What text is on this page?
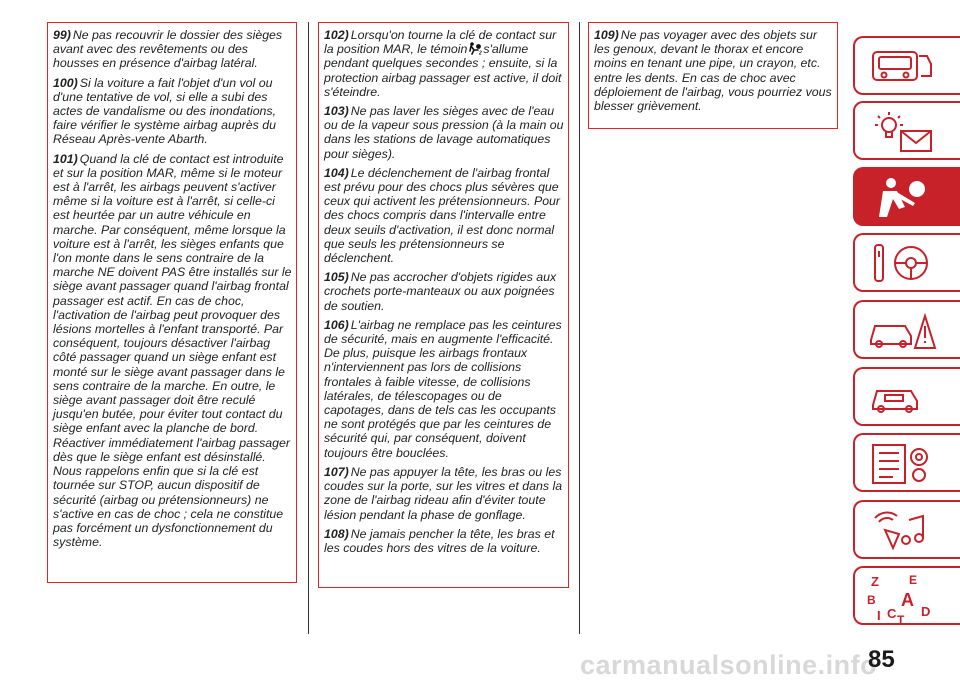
99) Ne pas recouvrir le dossier des sièges avant avec des revêtements ou des housses en présence d'airbag latéral.

100) Si la voiture a fait l'objet d'un vol ou d'une tentative de vol, si elle a subi des actes de vandalisme ou des inondations, faire vérifier le système airbag auprès du Réseau Après-vente Abarth.

101) Quand la clé de contact est introduite et sur la position MAR, même si le moteur est à l'arrêt, les airbags peuvent s'activer même si la voiture est à l'arrêt, si celle-ci est heurtée par un autre véhicule en marche. Par conséquent, même lorsque la voiture est à l'arrêt, les sièges enfants que l'on monte dans le sens contraire de la marche NE doivent PAS être installés sur le siège avant passager quand l'airbag frontal passager est actif. En cas de choc, l'activation de l'airbag peut provoquer des lésions mortelles à l'enfant transporté. Par conséquent, toujours désactiver l'airbag côté passager quand un siège enfant est monté sur le siège avant passager dans le sens contraire de la marche. En outre, le siège avant passager doit être reculé jusqu'en butée, pour éviter tout contact du siège enfant avec la planche de bord. Réactiver immédiatement l'airbag passager dès que le siège enfant est désinstallé. Nous rappelons enfin que si la clé est tournée sur STOP, aucun dispositif de sécurité (airbag ou prétensionneurs) ne s'active en cas de choc ; cela ne constitue pas forcément un dysfonctionnement du système.

102) Lorsqu'on tourne la clé de contact sur la position MAR, le témoin 2 s'allume pendant quelques secondes ; ensuite, si la protection airbag passager est active, il doit s'éteindre.

103) Ne pas laver les sièges avec de l'eau ou de la vapeur sous pression (à la main ou dans les stations de lavage automatiques pour sièges).

104) Le déclenchement de l'airbag frontal est prévu pour des chocs plus sévères que ceux qui activent les prétensionneurs. Pour des chocs compris dans l'intervalle entre deux seuils d'activation, il est donc normal que seuls les prétensionneurs se déclenchent.

105) Ne pas accrocher d'objets rigides aux crochets porte-manteaux ou aux poignées de soutien.

106) L'airbag ne remplace pas les ceintures de sécurité, mais en augmente l'efficacité. De plus, puisque les airbags frontaux n'interviennent pas lors de collisions frontales à faible vitesse, de collisions latérales, de télescopages ou de capotages, dans de tels cas les occupants ne sont protégés que par les ceintures de sécurité qui, par conséquent, doivent toujours être bouclées.

107) Ne pas appuyer la tête, les bras ou les coudes sur la porte, sur les vitres et dans la zone de l'airbag rideau afin d'éviter toute lésion pendant la phase de gonflage.

108) Ne jamais pencher la tête, les bras et les coudes hors des vitres de la voiture.

109) Ne pas voyager avec des objets sur les genoux, devant le thorax et encore moins en tenant une pipe, un crayon, etc. entre les dents. En cas de choc avec déploiement de l'airbag, vous pourriez vous blesser grièvement.

Z	E
B A
I C D
T
carmanualsonline.info
85
